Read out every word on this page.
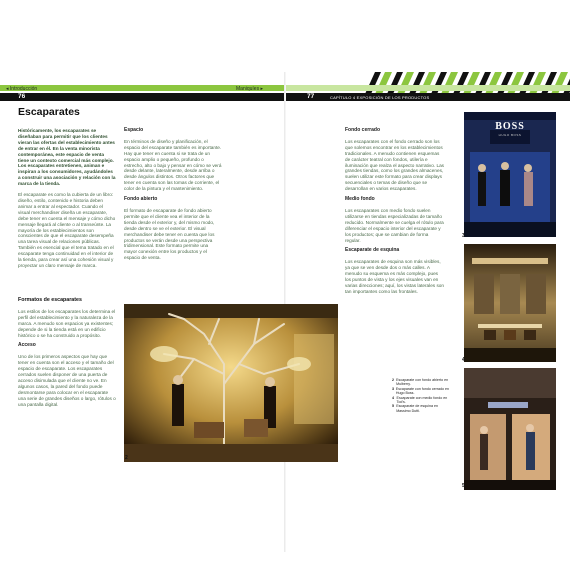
◂ Introducción	Maniquíes ▸
76	77	CAPÍTULO 4 EXPOSICIÓN DE LOS PRODUCTOS
Escaparates

Históricamente, los escaparates se diseñaban para permitir que los clientes vieran las ofertas del establecimiento antes de entrar en él. En la venta minorista contemporánea, este espacio de venta tiene un contexto comercial más complejo. Los escaparates entretienen, animan e inspiran a los consumidores, ayudándoles a construir una asociación y relación con la marca de la tienda.

El escaparate es como la cubierta de un libro: diseño, estilo, contenido e historia deben animar a entrar al espectador. Cuando el visual merchandiser diseña un escaparate, debe tener en cuenta el mensaje y cómo dicho mensaje llegará al cliente o al transeúnte. La mayoría de los establecimientos son conscientes de que el escaparate desempeña una tarea visual de relaciones públicas. También es esencial que el tema tratado en el escaparate tenga continuidad en el interior de la tienda, para crear así una cohesión visual y proyectar un claro mensaje de marca.

Formatos de escaparates

Los estilos de los escaparates los determina el perfil del establecimiento y la naturaleza de la marca. A menudo son espacios ya existentes; depende de si la tienda está en un edificio histórico o se ha construido a propósito.

Acceso

Uno de los primeros aspectos que hay que tener en cuenta son el acceso y el tamaño del espacio de escaparate. Los escaparates cerrados suelen disponer de una puerta de acceso disimulada que el cliente no ve. En algunos casos, la pared del fondo puede desmontarse para colocar en el escaparate una serie de grandes diseños o largo, rótulos o una pantalla digital.

Espacio

En términos de diseño y planificación, el espacio del escaparate también es importante. Hay que tener en cuenta si se trata de un espacio amplio o pequeño, profundo o estrecho, alto o bajo y pensar en cómo se verá desde delante, lateralmente, desde arriba o desde ángulos distintos. Otros factores que tener en cuenta son las tomas de corriente, el color de la pintura y el mantenimiento.

Fondo abierto

El formato de escaparate de fondo abierto permite que el cliente vea el interior de la tienda desde el exterior y, del mismo modo, desde dentro se ve el exterior. El visual merchandiser debe tener en cuenta que los productos se verán desde una perspectiva tridimensional. Este formato permite una mayor conexión entre los productos y el espacio de venta.

Fondo cerrado

Los escaparates con el fondo cerrado son los que solemos encontrar en los establecimientos tradicionales. A menudo contienen esquemas de carácter teatral con fondos, utilería e iluminación que realza el aspecto narrativo. Las grandes tiendas, como los grandes almacenes, suelen utilizar este formato para crear displays secuenciales o temas de diseño que se desarrollan en varios escaparates.

Medio fondo

Los escaparates con medio fondo suelen utilizarse en tiendas especializadas de tamaño reducido. Normalmente se cuelga el rótulo para diferenciar el espacio interior del escaparate y los productos; que se cambian de forma regular.

Escaparate de esquina

Los escaparates de esquina son más visibles, ya que se ven desde dos o más calles. A menudo su esquema es más complejo, pues los puntos de vista y los ejes visuales van en varias direcciones; aquí, los vistas laterales son tan importantes como las frontales.

2
BOSS
HUGO BOSS
3
4
5
2 Escaparate con fondo abierto en Mulberry.
3 Escaparate con fondo cerrado en Hugo Boss.
4 Escaparate con medio fondo en Tod's.
5 Escaparate de esquina en Massimo Dutti.
